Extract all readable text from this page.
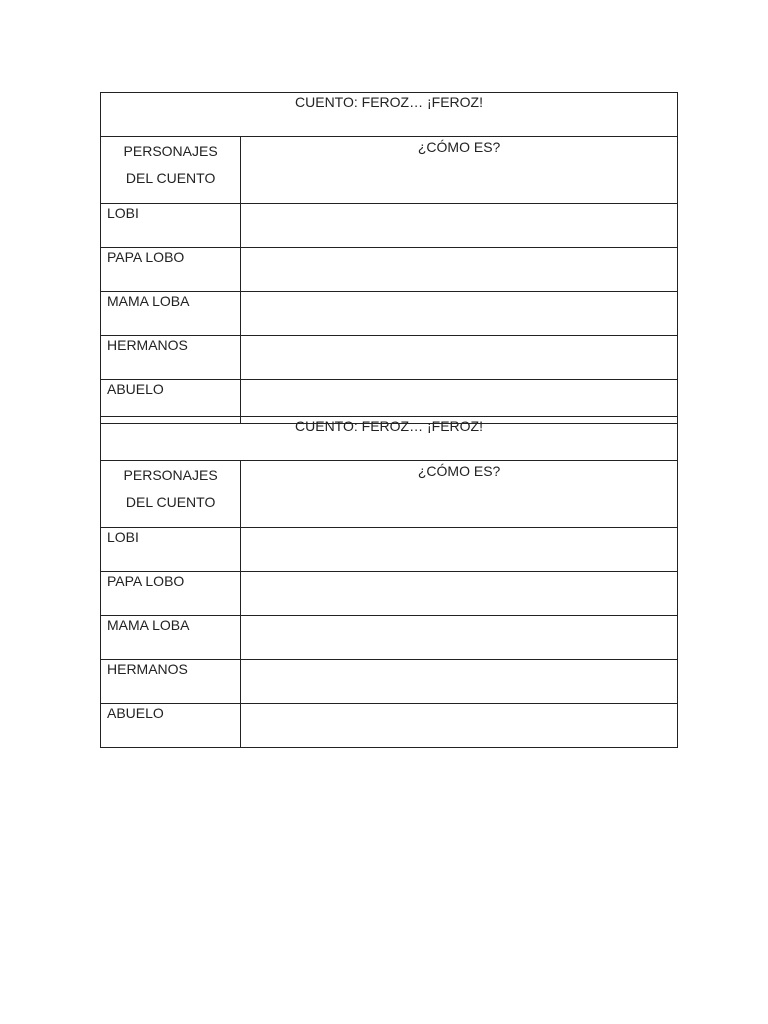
CUENTO: FEROZ… ¡FEROZ!	

PERSONAJES
DEL CUENTO	¿CÓMO ES?
LOBI	
PAPA LOBO	
MAMA LOBA	
HERMANOS	
ABUELO	
CUENTO: FEROZ… ¡FEROZ!	

PERSONAJES
DEL CUENTO	¿CÓMO ES?
LOBI	
PAPA LOBO	
MAMA LOBA	
HERMANOS	
ABUELO	
